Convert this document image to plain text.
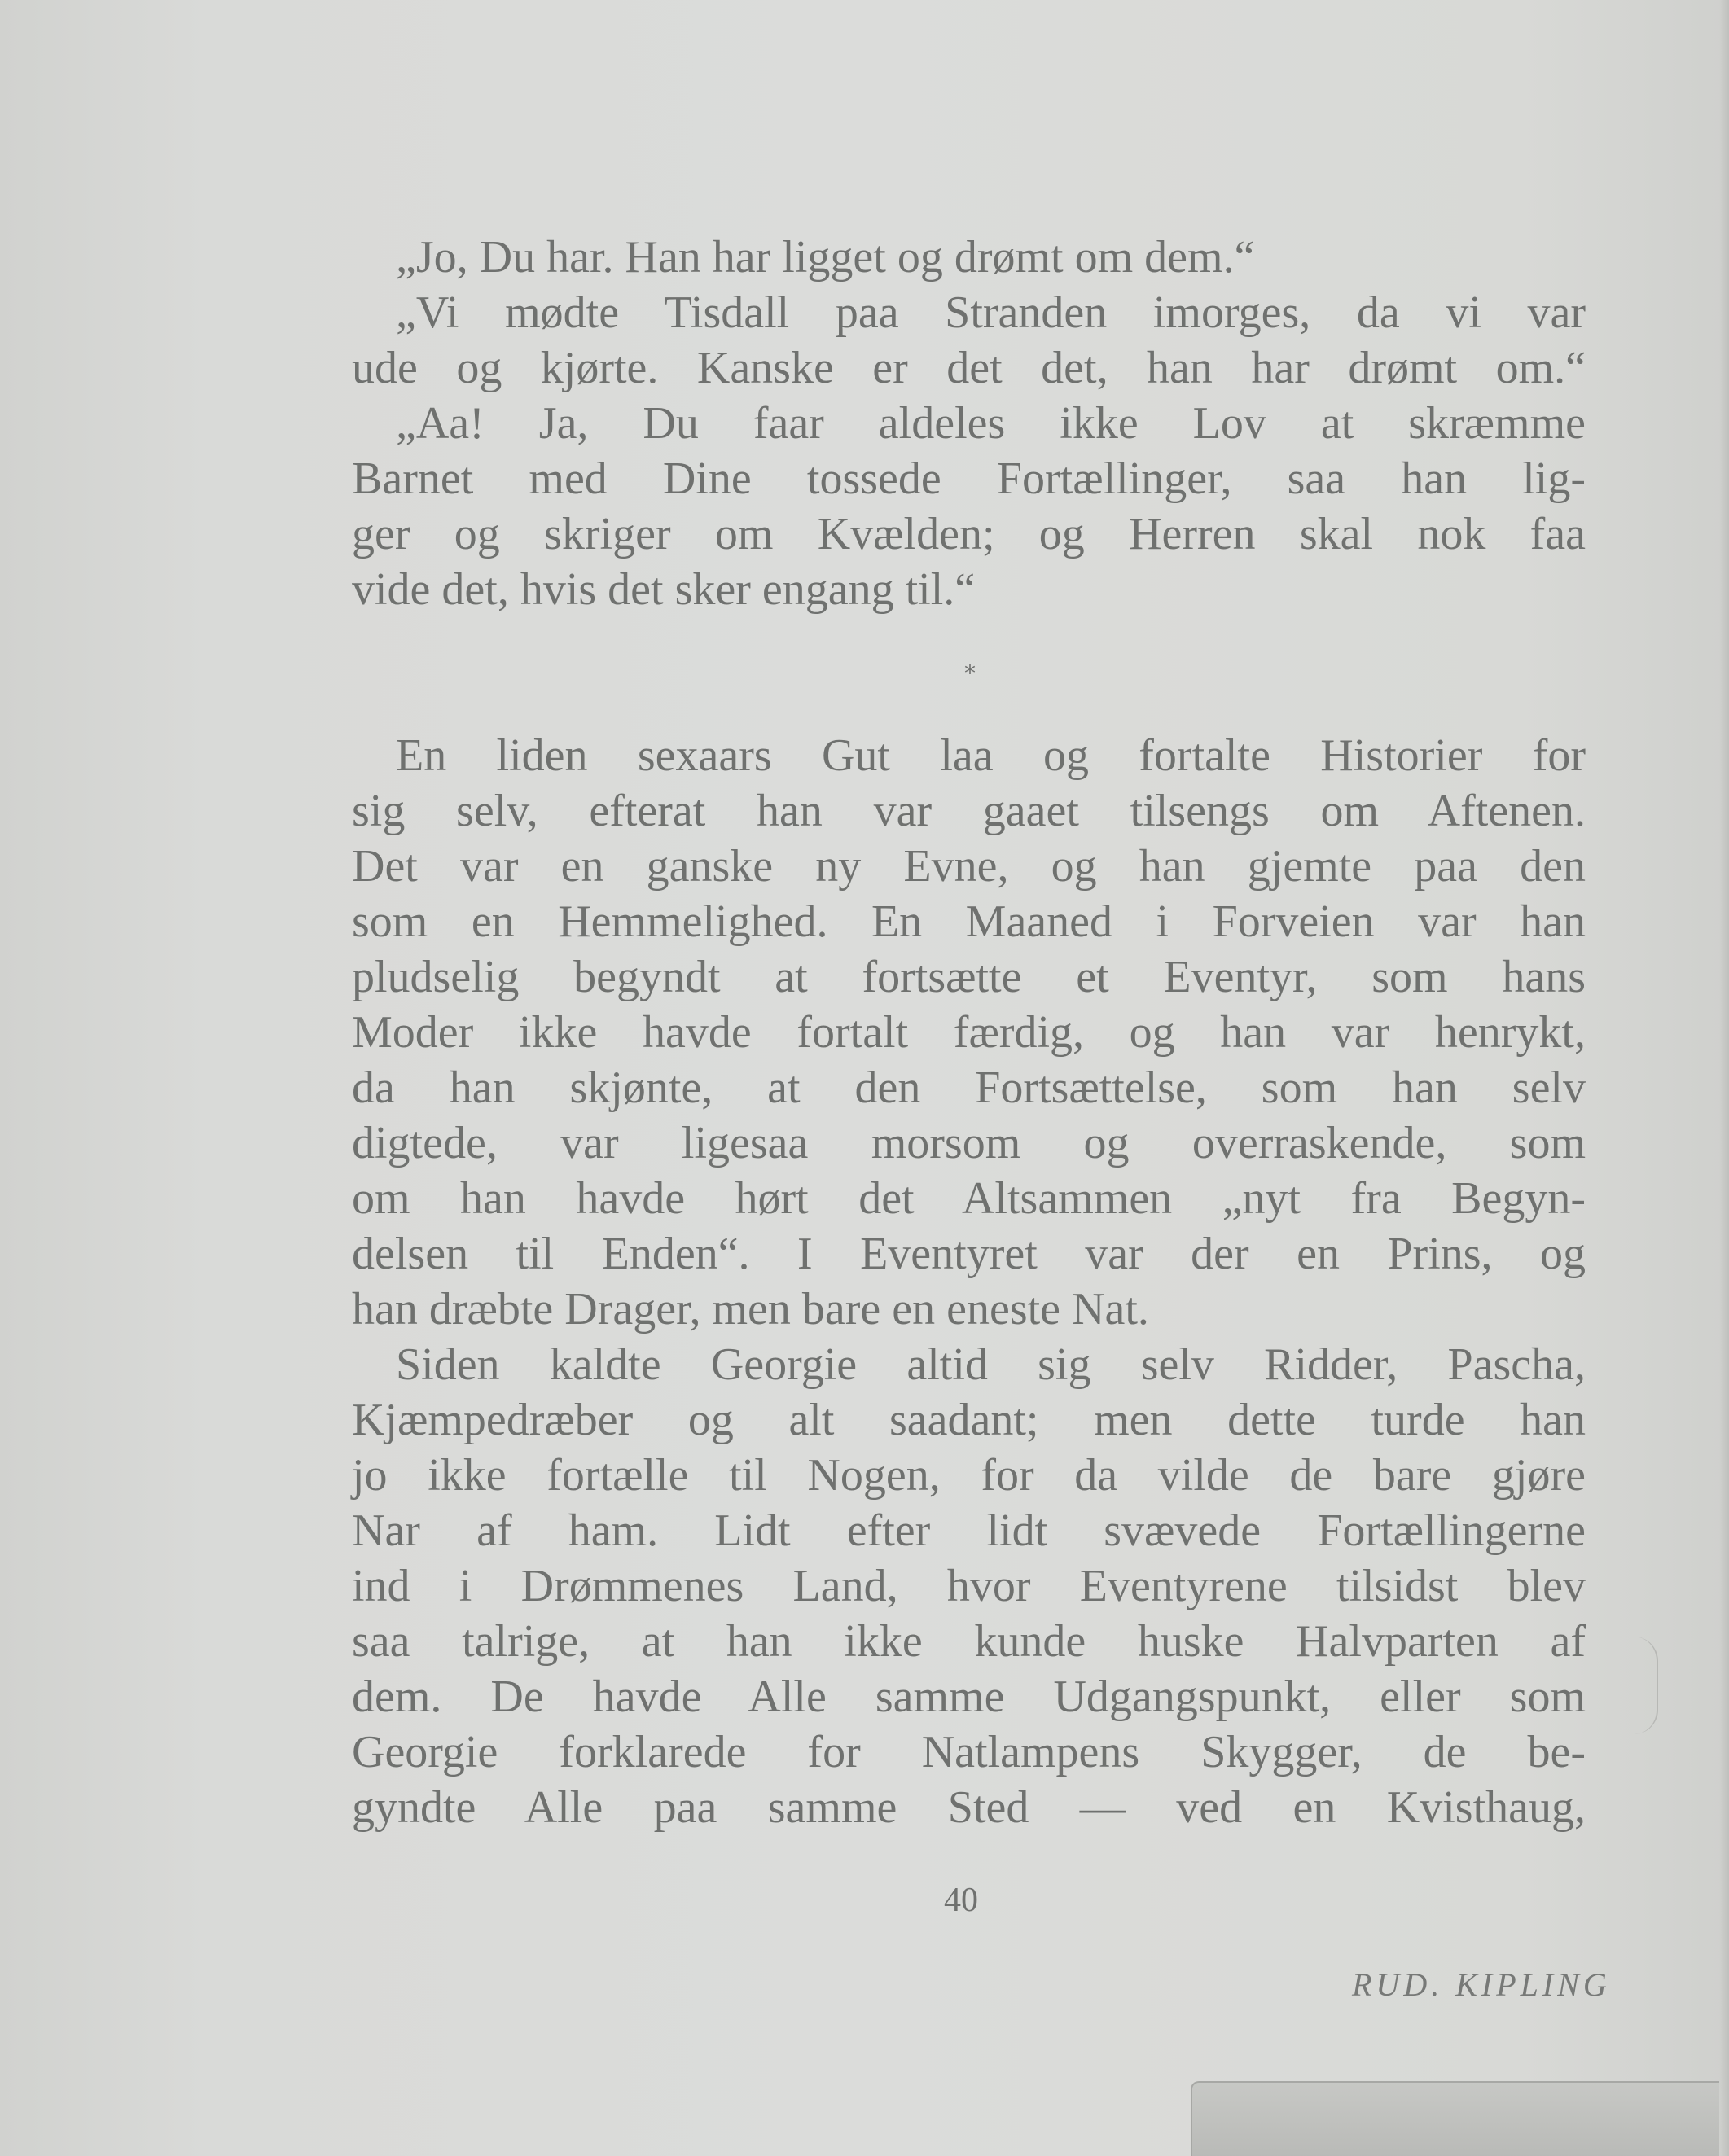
„Jo, Du har. Han har ligget og drømt om dem.“
„Vi mødte Tisdall paa Stranden imorges, da vi var
ude og kjørte. Kanske er det det, han har drømt om.“
„Aa! Ja, Du faar aldeles ikke Lov at skræmme
Barnet med Dine tossede Fortællinger, saa han lig-
ger og skriger om Kvælden; og Herren skal nok faa
vide det, hvis det sker engang til.“
En liden sexaars Gut laa og fortalte Historier for
sig selv, efterat han var gaaet tilsengs om Aftenen.
Det var en ganske ny Evne, og han gjemte paa den
som en Hemmelighed. En Maaned i Forveien var han
pludselig begyndt at fortsætte et Eventyr, som hans
Moder ikke havde fortalt færdig, og han var henrykt,
da han skjønte, at den Fortsættelse, som han selv
digtede, var ligesaa morsom og overraskende, som
om han havde hørt det Altsammen „nyt fra Begyn-
delsen til Enden“. I Eventyret var der en Prins, og
han dræbte Drager, men bare en eneste Nat.
Siden kaldte Georgie altid sig selv Ridder, Pascha,
Kjæmpedræber og alt saadant; men dette turde han
jo ikke fortælle til Nogen, for da vilde de bare gjøre
Nar af ham. Lidt efter lidt svævede Fortællingerne
ind i Drømmenes Land, hvor Eventyrene tilsidst blev
saa talrige, at han ikke kunde huske Halvparten af
dem. De havde Alle samme Udgangspunkt, eller som
Georgie forklarede for Natlampens Skygger, de be-
gyndte Alle paa samme Sted — ved en Kvisthaug,
*
40
RUD. KIPLING
